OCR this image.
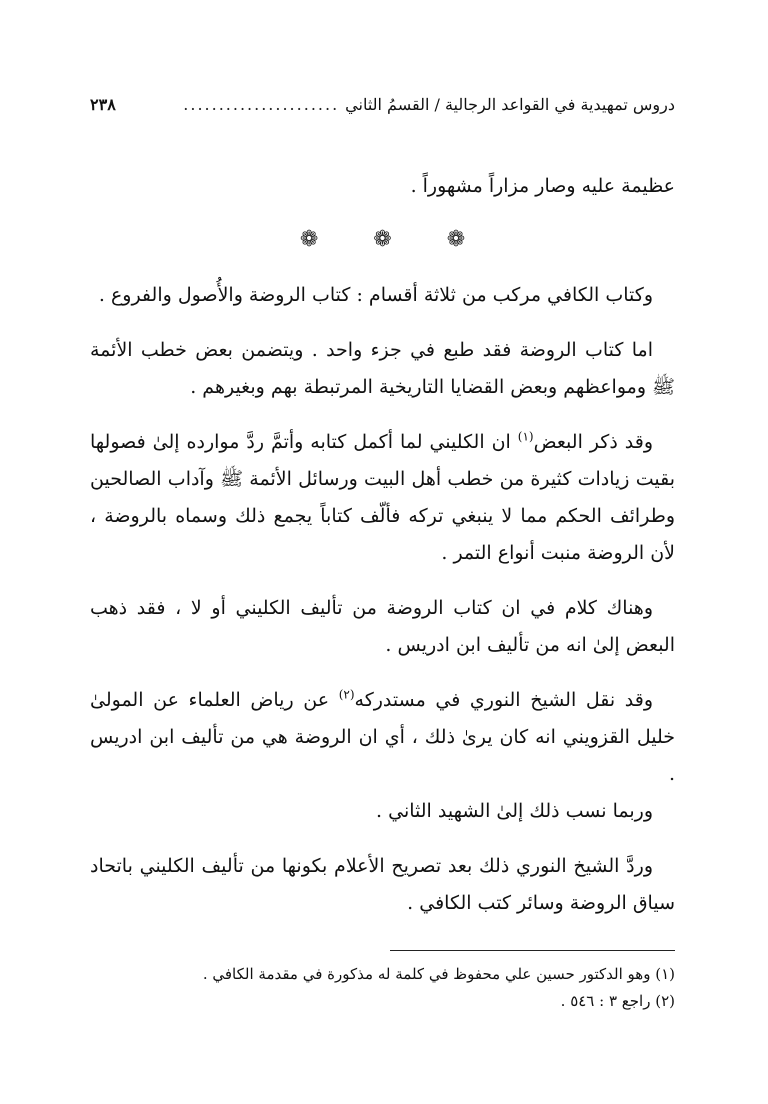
دروس تمهيدية في القواعد الرجالية / القسمُ الثاني
......................
٢٣٨

عظيمة عليه وصار مزاراً مشهوراً .

❁	❁	❁

وكتاب الكافي مركب من ثلاثة أقسام : كتاب الروضة والأُصول والفروع .

اما كتاب الروضة فقد طبع في جزء واحد . ويتضمن بعض خطب الأئمة ﷺ ومواعظهم وبعض القضايا التاريخية المرتبطة بهم وبغيرهم .

وقد ذكر البعض$^{(١)}$ ان الكليني لما أكمل كتابه وأتمَّ ردَّ موارده إلىٰ فصولها بقيت زيادات كثيرة من خطب أهل البيت ورسائل الأئمة ﷺ وآداب الصالحين وطرائف الحكم مما لا ينبغي تركه فألّف كتاباً يجمع ذلك وسماه بالروضة ، لأن الروضة منبت أنواع التمر .

وهناك كلام في ان كتاب الروضة من تأليف الكليني أو لا ، فقد ذهب البعض إلىٰ انه من تأليف ابن ادريس .

وقد نقل الشيخ النوري في مستدركه$^{(٢)}$ عن رياض العلماء عن المولىٰ خليل القزويني انه كان يرىٰ ذلك ، أي ان الروضة هي من تأليف ابن ادريس .

وربما نسب ذلك إلىٰ الشهيد الثاني .

وردَّ الشيخ النوري ذلك بعد تصريح الأعلام بكونها من تأليف الكليني باتحاد سياق الروضة وسائر كتب الكافي .

(١) وهو الدكتور حسين علي محفوظ في كلمة له مذكورة في مقدمة الكافي .

(٢) راجع ٣ : ٥٤٦ .
